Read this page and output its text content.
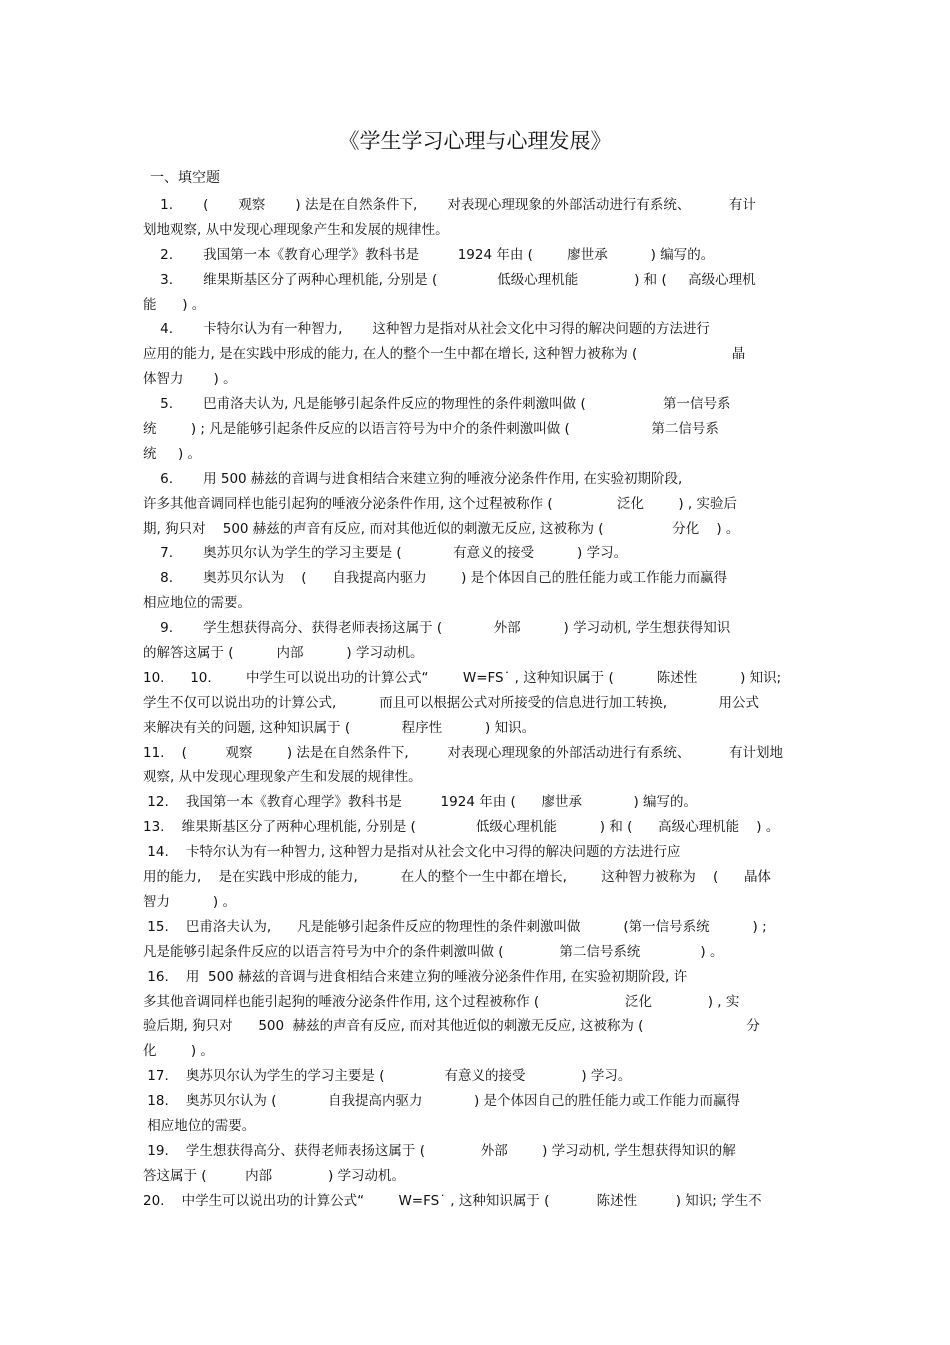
《学生学习心理与心理发展》
一、填空题
1.       (       观察       ) 法是在自然条件下,       对表现心理现象的外部活动进行有系统、         有计
划地观察, 从中发现心理现象产生和发展的规律性。
2.       我国第一本《教育心理学》教科书是         1924 年由 (        廖世承          ) 编写的。
3.       维果斯基区分了两种心理机能, 分别是 (              低级心理机能             ) 和 (     高级心理机
能      ) 。
4.       卡特尔认为有一种智力,       这种智力是指对从社会文化中习得的解决问题的方法进行
应用的能力, 是在实践中形成的能力, 在人的整个一生中都在增长, 这种智力被称为 (                      晶
体智力       ) 。
5.       巴甫洛夫认为, 凡是能够引起条件反应的物理性的条件刺激叫做 (                  第一信号系
统        ) ; 凡是能够引起条件反应的以语言符号为中介的条件刺激叫做 (                   第二信号系
统     ) 。
6.       用 500 赫兹的音调与进食相结合来建立狗的唾液分泌条件作用, 在实验初期阶段,
许多其他音调同样也能引起狗的唾液分泌条件作用, 这个过程被称作 (               泛化        ) , 实验后
期, 狗只对    500 赫兹的声音有反应, 而对其他近似的刺激无反应, 这被称为 (                分化    ) 。
7.       奥苏贝尔认为学生的学习主要是 (            有意义的接受          ) 学习。
8.       奥苏贝尔认为    (      自我提高内驱力        ) 是个体因自己的胜任能力或工作能力而赢得
相应地位的需要。
9.       学生想获得高分、获得老师表扬这属于 (            外部          ) 学习动机, 学生想获得知识
的解答这属于 (          内部          ) 学习动机。
10.      10.        中学生可以说出功的计算公式“        W=FS˙ , 这种知识属于 (          陈述性          ) 知识;
学生不仅可以说出功的计算公式,          而且可以根据公式对所接受的信息进行加工转换,            用公式
来解决有关的问题, 这种知识属于 (            程序性          ) 知识。
11.    (         观察        ) 法是在自然条件下,         对表现心理现象的外部活动进行有系统、         有计划地
观察, 从中发现心理现象产生和发展的规律性。
12.    我国第一本《教育心理学》教科书是         1924 年由 (      廖世承            ) 编写的。
13.    维果斯基区分了两种心理机能, 分别是 (              低级心理机能          ) 和 (      高级心理机能    ) 。
14.    卡特尔认为有一种智力, 这种智力是指对从社会文化中习得的解决问题的方法进行应
用的能力,    是在实践中形成的能力,          在人的整个一生中都在增长,        这种智力被称为    (      晶体
智力          ) 。
15.    巴甫洛夫认为,      凡是能够引起条件反应的物理性的条件刺激叫做          (第一信号系统          ) ;
凡是能够引起条件反应的以语言符号为中介的条件刺激叫做 (             第二信号系统              ) 。
16.    用  500 赫兹的音调与进食相结合来建立狗的唾液分泌条件作用, 在实验初期阶段, 许
多其他音调同样也能引起狗的唾液分泌条件作用, 这个过程被称作 (                    泛化             ) , 实
验后期, 狗只对      500  赫兹的声音有反应, 而对其他近似的刺激无反应, 这被称为 (                        分
化        ) 。
17.    奥苏贝尔认为学生的学习主要是 (              有意义的接受             ) 学习。
18.    奥苏贝尔认为 (            自我提高内驱力            ) 是个体因自己的胜任能力或工作能力而赢得
相应地位的需要。
19.    学生想获得高分、获得老师表扬这属于 (             外部        ) 学习动机, 学生想获得知识的解
答这属于 (         内部             ) 学习动机。
20.    中学生可以说出功的计算公式“        W=FS˙ , 这种知识属于 (           陈述性         ) 知识; 学生不
